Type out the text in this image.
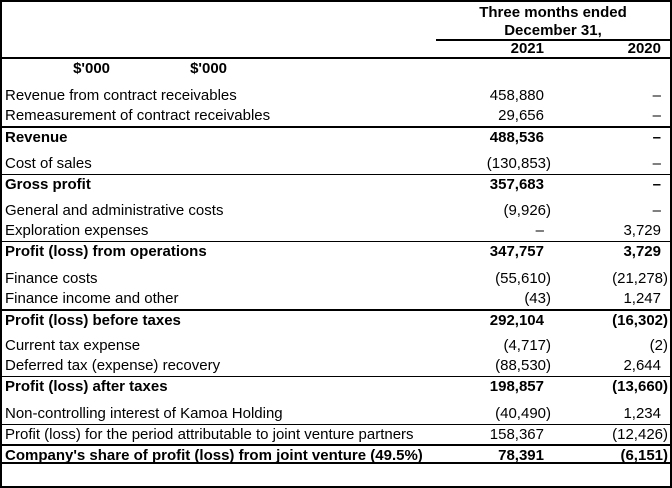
Three months ended
December 31,
2021	2020
$'000	$'000
Revenue from contract receivables	458,880	–
Remeasurement of contract receivables	29,656	–
Revenue	488,536	–
Cost of sales	(130,853)	–
Gross profit	357,683	–
General and administrative costs	(9,926)	–
Exploration expenses	–	3,729
Profit (loss) from operations	347,757	3,729
Finance costs	(55,610)	(21,278)
Finance income and other	(43)	1,247
Profit (loss) before taxes	292,104	(16,302)
Current tax expense	(4,717)	(2)
Deferred tax (expense) recovery	(88,530)	2,644
Profit (loss) after taxes	198,857	(13,660)
Non-controlling interest of Kamoa Holding	(40,490)	1,234
Profit (loss) for the period attributable to joint venture partners	158,367	(12,426)
Company's share of profit (loss) from joint venture (49.5%)	78,391	(6,151)
